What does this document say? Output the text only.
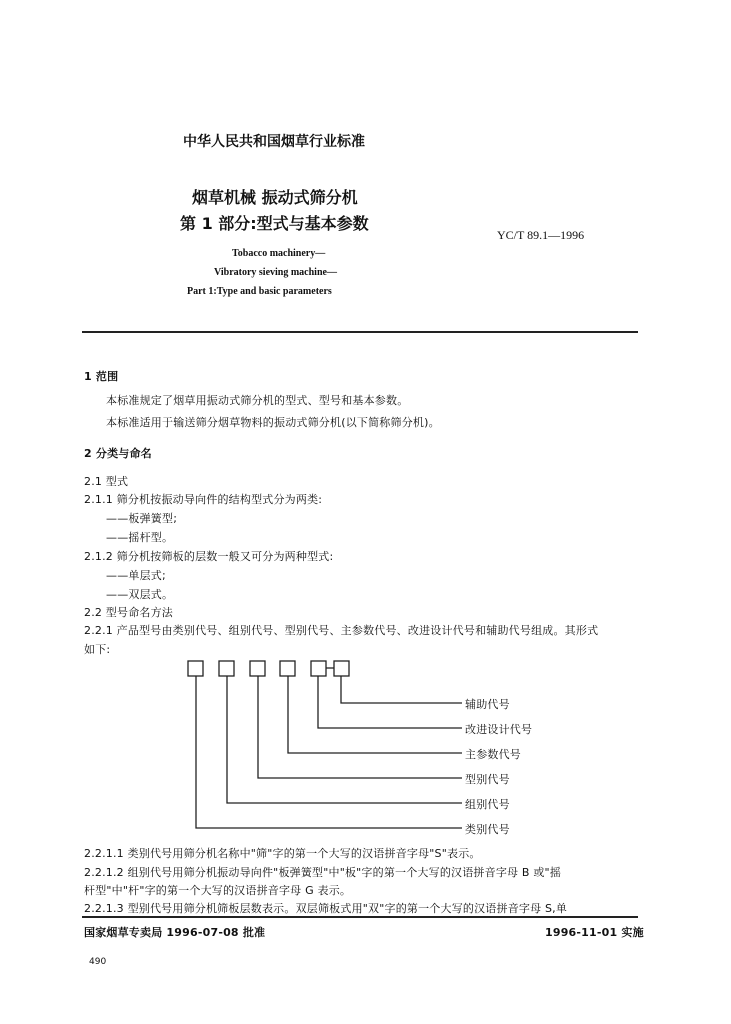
中华人民共和国烟草行业标准
烟草机械 振动式筛分机
第 1 部分:型式与基本参数
YC/T 89.1—1996
Tobacco machinery—
Vibratory sieving machine—
Part 1:Type and basic parameters
1 范围
本标准规定了烟草用振动式筛分机的型式、型号和基本参数。
本标准适用于输送筛分烟草物料的振动式筛分机(以下简称筛分机)。
2 分类与命名
2.1 型式
2.1.1 筛分机按振动导向件的结构型式分为两类:
——板弹簧型;
——摇杆型。
2.1.2 筛分机按筛板的层数一般又可分为两种型式:
——单层式;
——双层式。
2.2 型号命名方法
2.2.1 产品型号由类别代号、组别代号、型别代号、主参数代号、改进设计代号和辅助代号组成。其形式
如下:
辅助代号
改进设计代号
主参数代号
型别代号
组别代号
类别代号
2.2.1.1 类别代号用筛分机名称中"筛"字的第一个大写的汉语拼音字母"S"表示。
2.2.1.2 组别代号用筛分机振动导向件"板弹簧型"中"板"字的第一个大写的汉语拼音字母 B 或"摇
杆型"中"杆"字的第一个大写的汉语拼音字母 G 表示。
2.2.1.3 型别代号用筛分机筛板层数表示。双层筛板式用"双"字的第一个大写的汉语拼音字母 S,单
国家烟草专卖局 1996-07-08 批准	1996-11-01 实施
490
